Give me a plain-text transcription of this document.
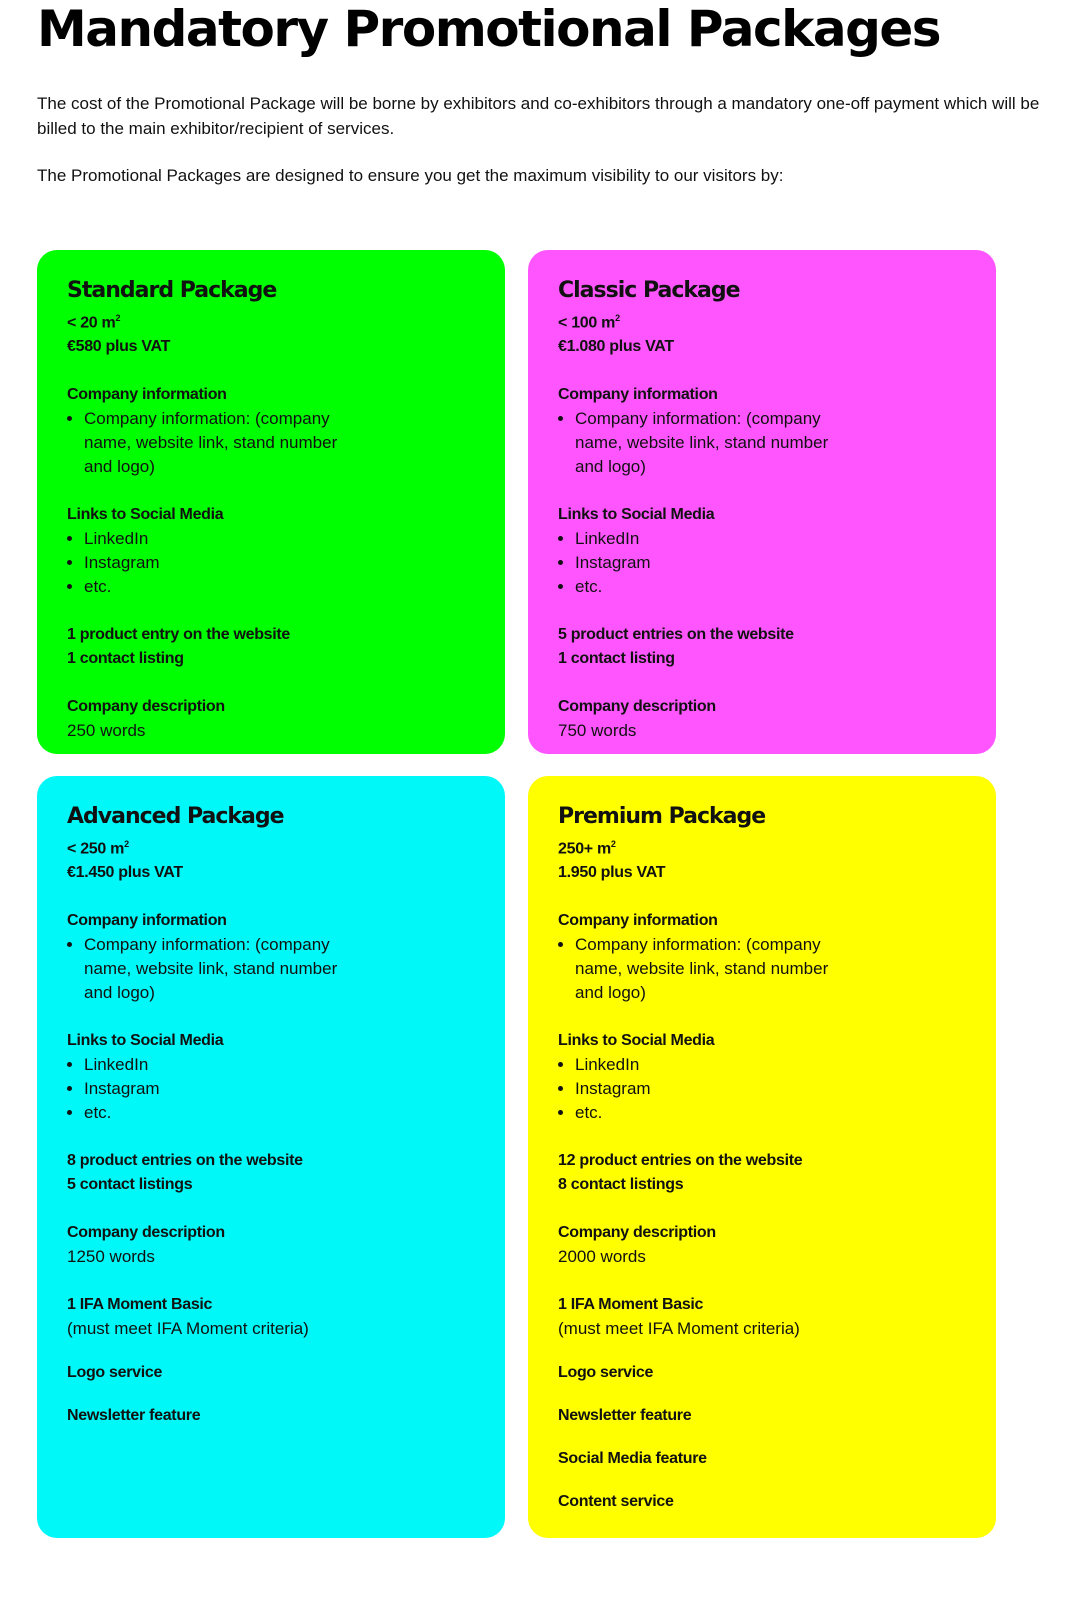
Mandatory Promotional Packages

The cost of the Promotional Package will be borne by exhibitors and co-exhibitors through a mandatory one-off payment which will be billed to the main exhibitor/recipient of services.

The Promotional Packages are designed to ensure you get the maximum visibility to our visitors by:

Standard Package
< 20 $m^2$
€580 plus VAT
Company information
• Company information: (company name, website link, stand number and logo)
Links to Social Media
• LinkedIn
• Instagram
• etc.
1 product entry on the website
1 contact listing
Company description
250 words
Classic Package
< 100 $m^2$
€1.080 plus VAT
Company information
• Company information: (company name, website link, stand number and logo)
Links to Social Media
• LinkedIn
• Instagram
• etc.
5 product entries on the website
1 contact listing
Company description
750 words
Advanced Package
< 250 $m^2$
€1.450 plus VAT
Company information
• Company information: (company name, website link, stand number and logo)
Links to Social Media
• LinkedIn
• Instagram
• etc.
8 product entries on the website
5 contact listings
Company description
1250 words
1 IFA Moment Basic
(must meet IFA Moment criteria)
Logo service
Newsletter feature
Premium Package
$250+ m^2$
1.950 plus VAT
Company information
• Company information: (company name, website link, stand number and logo)
Links to Social Media
• LinkedIn
• Instagram
• etc.
12 product entries on the website
8 contact listings
Company description
2000 words
1 IFA Moment Basic
(must meet IFA Moment criteria)
Logo service
Newsletter feature
Social Media feature
Content service
